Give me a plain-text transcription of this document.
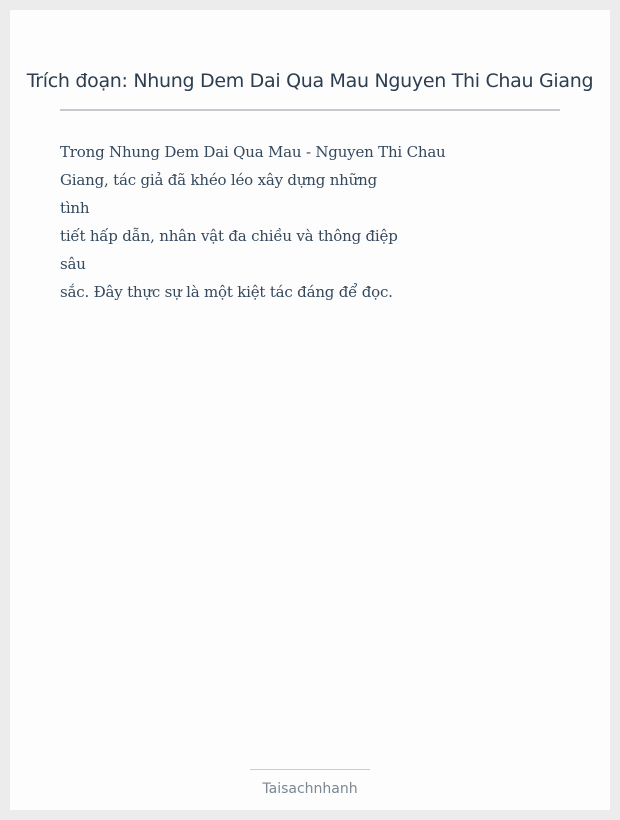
Trích đoạn: Nhung Dem Dai Qua Mau Nguyen Thi Chau Giang
Trong Nhung Dem Dai Qua Mau - Nguyen Thi Chau
Giang, tác giả đã khéo léo xây dựng những
tình
tiết hấp dẫn, nhân vật đa chiều và thông điệp
sâu
sắc. Đây thực sự là một kiệt tác đáng để đọc.
Taisachnhanh
